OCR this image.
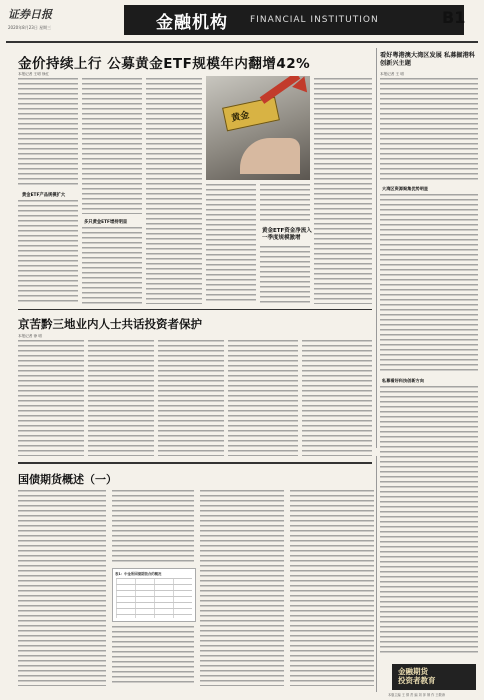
证券日报
2020年8月23日 星期三	金融机构 FINANCIAL INSTITUTION	B1
金价持续上行 公募黄金ETF规模年内翻增42%
本报记者 王明 徐红
黄金ETF产品规模扩大
多只黄金ETF增持明显
黄金
黄金ETF资金净流入 一季度规模激增
看好粤港澳大湾区发展 私募掘港科创新兴主题
本报记者 王 明
大湾区资源聚集优势明显
私募看好科技创新方向
京苦黔三地业内人士共话投资者保护
本报记者 徐 明
国债期货概述（一）
表1：中金所国债期货合约概况
金融期货
投资者教育
本版主编 王 倩 责 编 刘 萍 制 作 王敬涛
